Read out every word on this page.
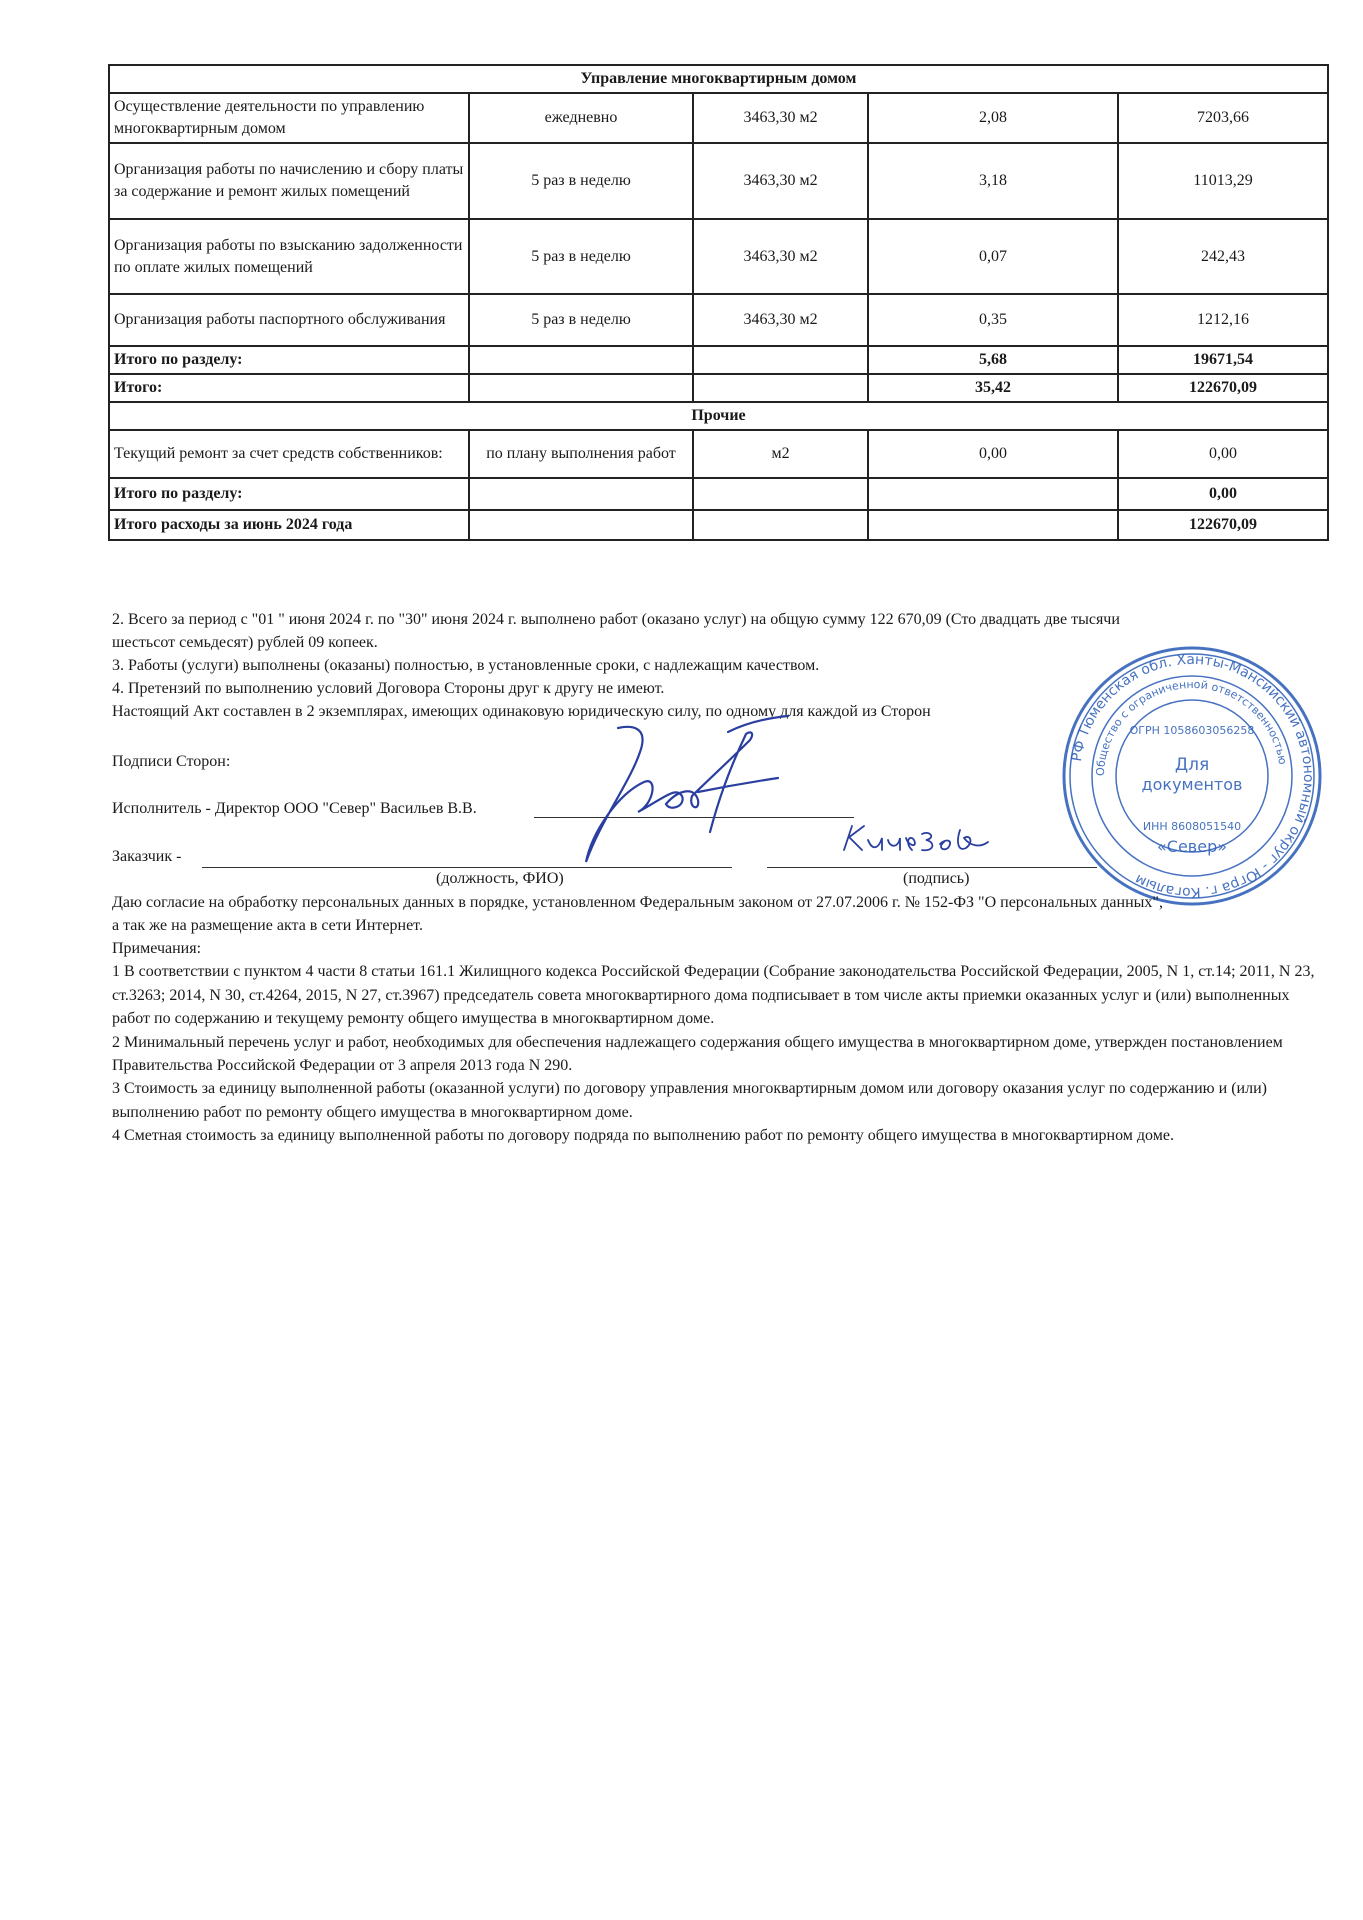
Управление многоквартирным домом				
Осуществление деятельности по управлению многоквартирным домом	ежедневно	3463,30 м2	2,08	7203,66
Организация работы по начислению и сбору платы за содержание и ремонт жилых помещений	5 раз в неделю	3463,30 м2	3,18	11013,29
Организация работы по взысканию задолженности по оплате жилых помещений	5 раз в неделю	3463,30 м2	0,07	242,43
Организация работы паспортного обслуживания	5 раз в неделю	3463,30 м2	0,35	1212,16
Итого по разделу:			5,68	19671,54
Итого:			35,42	122670,09
Прочие				
Текущий ремонт за счет средств собственников:	по плану выполнения работ	м2	0,00	0,00
Итого по разделу:				0,00
Итого расходы за июнь 2024 года				122670,09
2. Всего за период с "01 " июня 2024 г. по "30" июня 2024 г. выполнено работ (оказано услуг) на общую сумму 122 670,09 (Сто двадцать две тысячи
шестьсот семьдесят) рублей 09 копеек.
3. Работы (услуги) выполнены (оказаны) полностью, в установленные сроки, с надлежащим качеством.
4. Претензий по выполнению условий Договора Стороны друг к другу не имеют.
Настоящий Акт составлен в 2 экземплярах, имеющих одинаковую юридическую силу, по одному для каждой из Сторон
Подписи Сторон:
Исполнитель - Директор ООО "Север" Васильев В.В.
Заказчик -
(должность, ФИО)	(подпись)
РФ Тюменская обл. Ханты-Мансийский автономный округ - Югра г. Когалым
Общество с ограниченной ответственностью
ОГРН 1058603056258
Для
документов
ИНН 8608051540
«Север»
Даю согласие на обработку персональных данных в порядке, установленном Федеральным законом от 27.07.2006 г. № 152-ФЗ "О персональных данных",
а так же на размещение акта в сети Интернет.

Примечания:

1 В соответствии с пунктом 4 части 8 статьи 161.1 Жилищного кодекса Российской Федерации (Собрание законодательства Российской Федерации, 2005, N 1, ст.14; 2011, N 23, ст.3263; 2014, N 30, ст.4264, 2015, N 27, ст.3967) председатель совета многоквартирного дома подписывает в том числе акты приемки оказанных услуг и (или) выполненных работ по содержанию и текущему ремонту общего имущества в многоквартирном доме.

2 Минимальный перечень услуг и работ, необходимых для обеспечения надлежащего содержания общего имущества в многоквартирном доме, утвержден постановлением Правительства Российской Федерации от 3 апреля 2013 года N 290.

3 Стоимость за единицу выполненной работы (оказанной услуги) по договору управления многоквартирным домом или договору оказания услуг по содержанию и (или) выполнению работ по ремонту общего имущества в многоквартирном доме.

4 Сметная стоимость за единицу выполненной работы по договору подряда по выполнению работ по ремонту общего имущества в многоквартирном доме.
